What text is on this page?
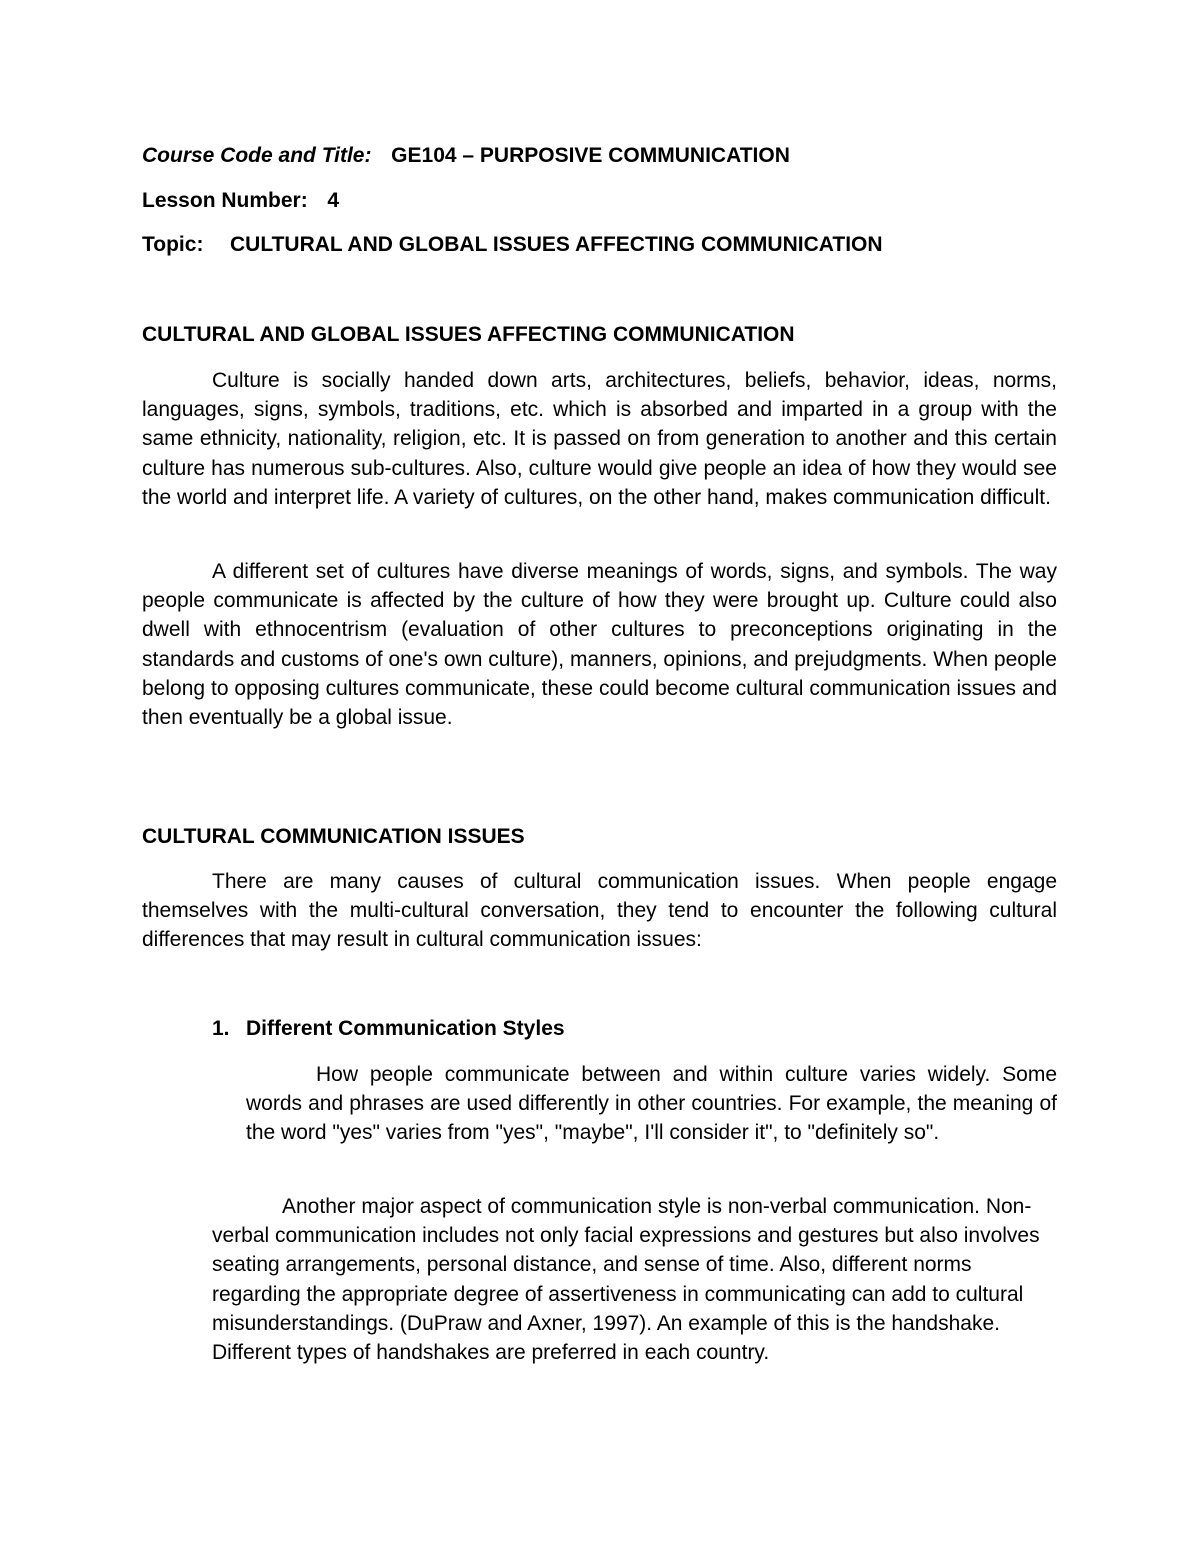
Course Code and Title: GE104 – PURPOSIVE COMMUNICATION
Lesson Number: 4
Topic: CULTURAL AND GLOBAL ISSUES AFFECTING COMMUNICATION
CULTURAL AND GLOBAL ISSUES AFFECTING COMMUNICATION

Culture is socially handed down arts, architectures, beliefs, behavior, ideas, norms, languages, signs, symbols, traditions, etc. which is absorbed and imparted in a group with the same ethnicity, nationality, religion, etc. It is passed on from generation to another and this certain culture has numerous sub-cultures. Also, culture would give people an idea of how they would see the world and interpret life. A variety of cultures, on the other hand, makes communication difficult.

A different set of cultures have diverse meanings of words, signs, and symbols. The way people communicate is affected by the culture of how they were brought up. Culture could also dwell with ethnocentrism (evaluation of other cultures to preconceptions originating in the standards and customs of one's own culture), manners, opinions, and prejudgments. When people belong to opposing cultures communicate, these could become cultural communication issues and then eventually be a global issue.

CULTURAL COMMUNICATION ISSUES

There are many causes of cultural communication issues. When people engage themselves with the multi-cultural conversation, they tend to encounter the following cultural differences that may result in cultural communication issues:

1. Different Communication Styles

How people communicate between and within culture varies widely. Some words and phrases are used differently in other countries. For example, the meaning of the word "yes" varies from "yes", "maybe", I'll consider it", to "definitely so".

Another major aspect of communication style is non-verbal communication. Non-verbal communication includes not only facial expressions and gestures but also involves seating arrangements, personal distance, and sense of time. Also, different norms regarding the appropriate degree of assertiveness in communicating can add to cultural misunderstandings. (DuPraw and Axner, 1997). An example of this is the handshake. Different types of handshakes are preferred in each country.
